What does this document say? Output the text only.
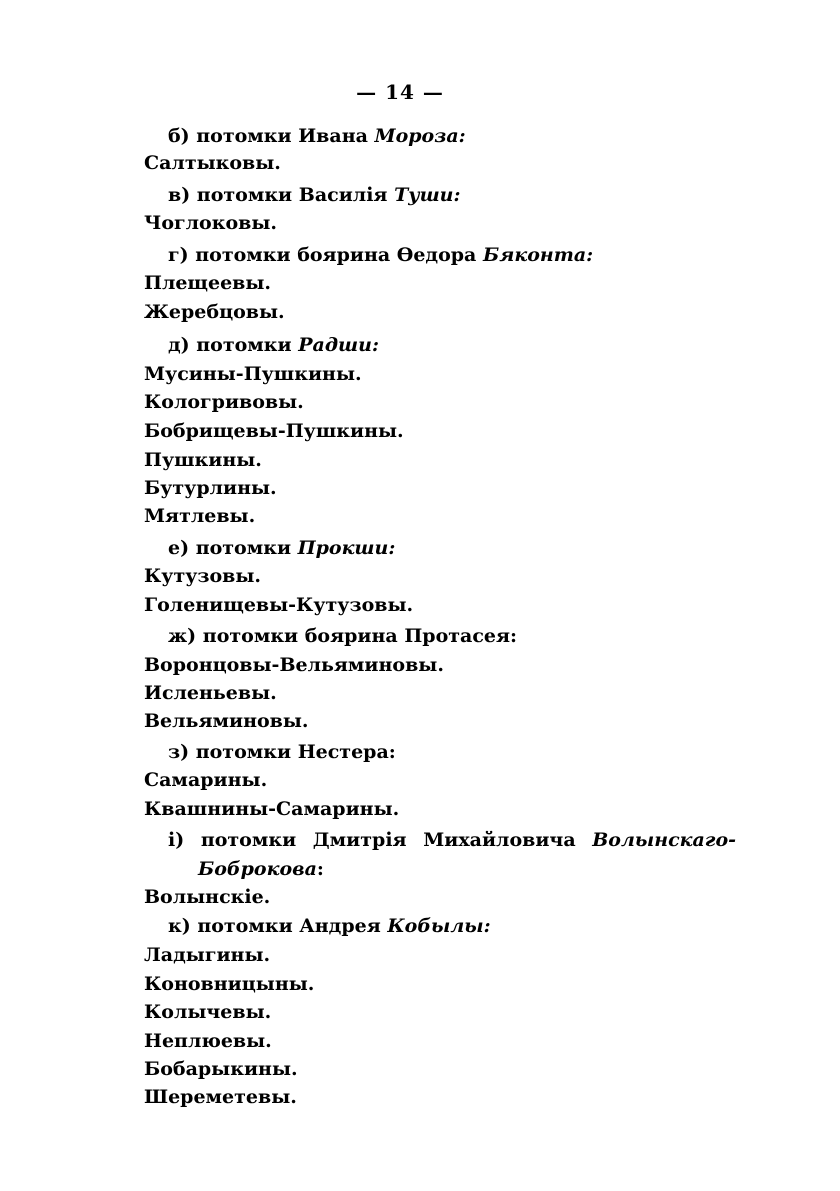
— 14 —
б) потомки Ивана Мороза:
Салтыковы.
в) потомки Василія Туши:
Чоглоковы.
г) потомки боярина Ѳедора Бяконта:
Плещеевы.
Жеребцовы.
д) потомки Радши:
Мусины-Пушкины.
Кологривовы.
Бобрищевы-Пушкины.
Пушкины.
Бутурлины.
Мятлевы.
е) потомки Прокши:
Кутузовы.
Голенищевы-Кутузовы.
ж) потомки боярина Протасея:
Воронцовы-Вельяминовы.
Исленьевы.
Вельяминовы.
з) потомки Нестера:
Самарины.
Квашнины-Самарины.
і) потомки Дмитрія Михайловича Волынскаго-
Боброкова:
Волынскіе.
к) потомки Андрея Кобылы:
Ладыгины.
Коновницыны.
Колычевы.
Неплюевы.
Бобарыкины.
Шереметевы.
